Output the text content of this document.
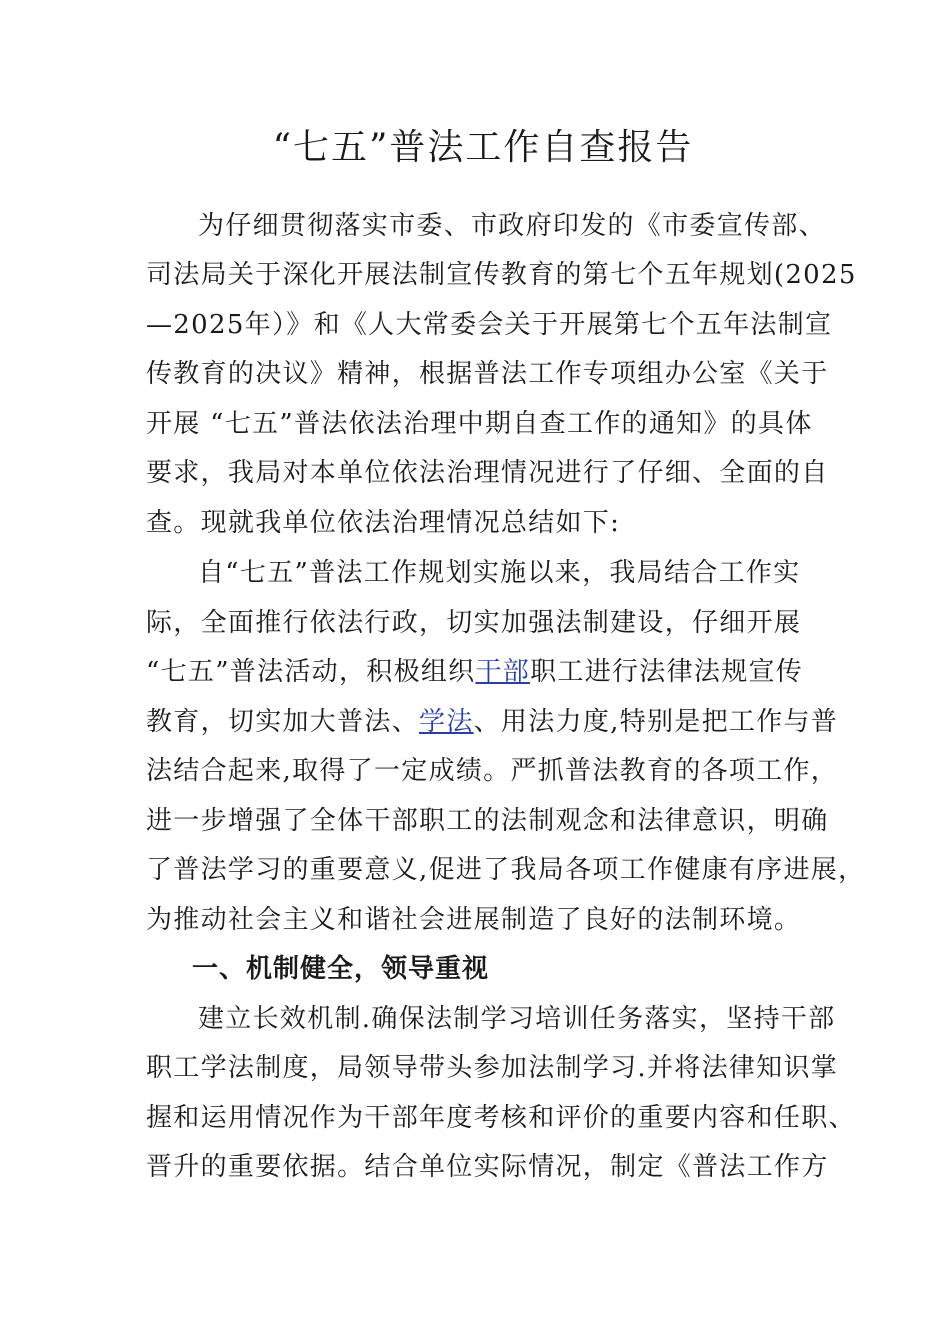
“七五”普法工作自查报告
为仔细贯彻落实市委、市政府印发的《市委宣传部、
司法局关于深化开展法制宣传教育的第七个五年规划(2025
—2025年）》和《人大常委会关于开展第七个五年法制宣
传教育的决议》精神，根据普法工作专项组办公室《关于
开展 “七五”普法依法治理中期自查工作的通知》的具体
要求，我局对本单位依法治理情况进行了仔细、全面的自
查。现就我单位依法治理情况总结如下:
自“七五”普法工作规划实施以来，我局结合工作实
际，全面推行依法行政，切实加强法制建设，仔细开展
“七五”普法活动，积极组织干部职工进行法律法规宣传
教育，切实加大普法、学法、用法力度,特别是把工作与普
法结合起来,取得了一定成绩。严抓普法教育的各项工作，
进一步增强了全体干部职工的法制观念和法律意识，明确
了普法学习的重要意义,促进了我局各项工作健康有序进展，
为推动社会主义和谐社会进展制造了良好的法制环境。
一、机制健全，领导重视
建立长效机制.确保法制学习培训任务落实，坚持干部
职工学法制度，局领导带头参加法制学习.并将法律知识掌
握和运用情况作为干部年度考核和评价的重要内容和任职、
晋升的重要依据。结合单位实际情况，制定《普法工作方
